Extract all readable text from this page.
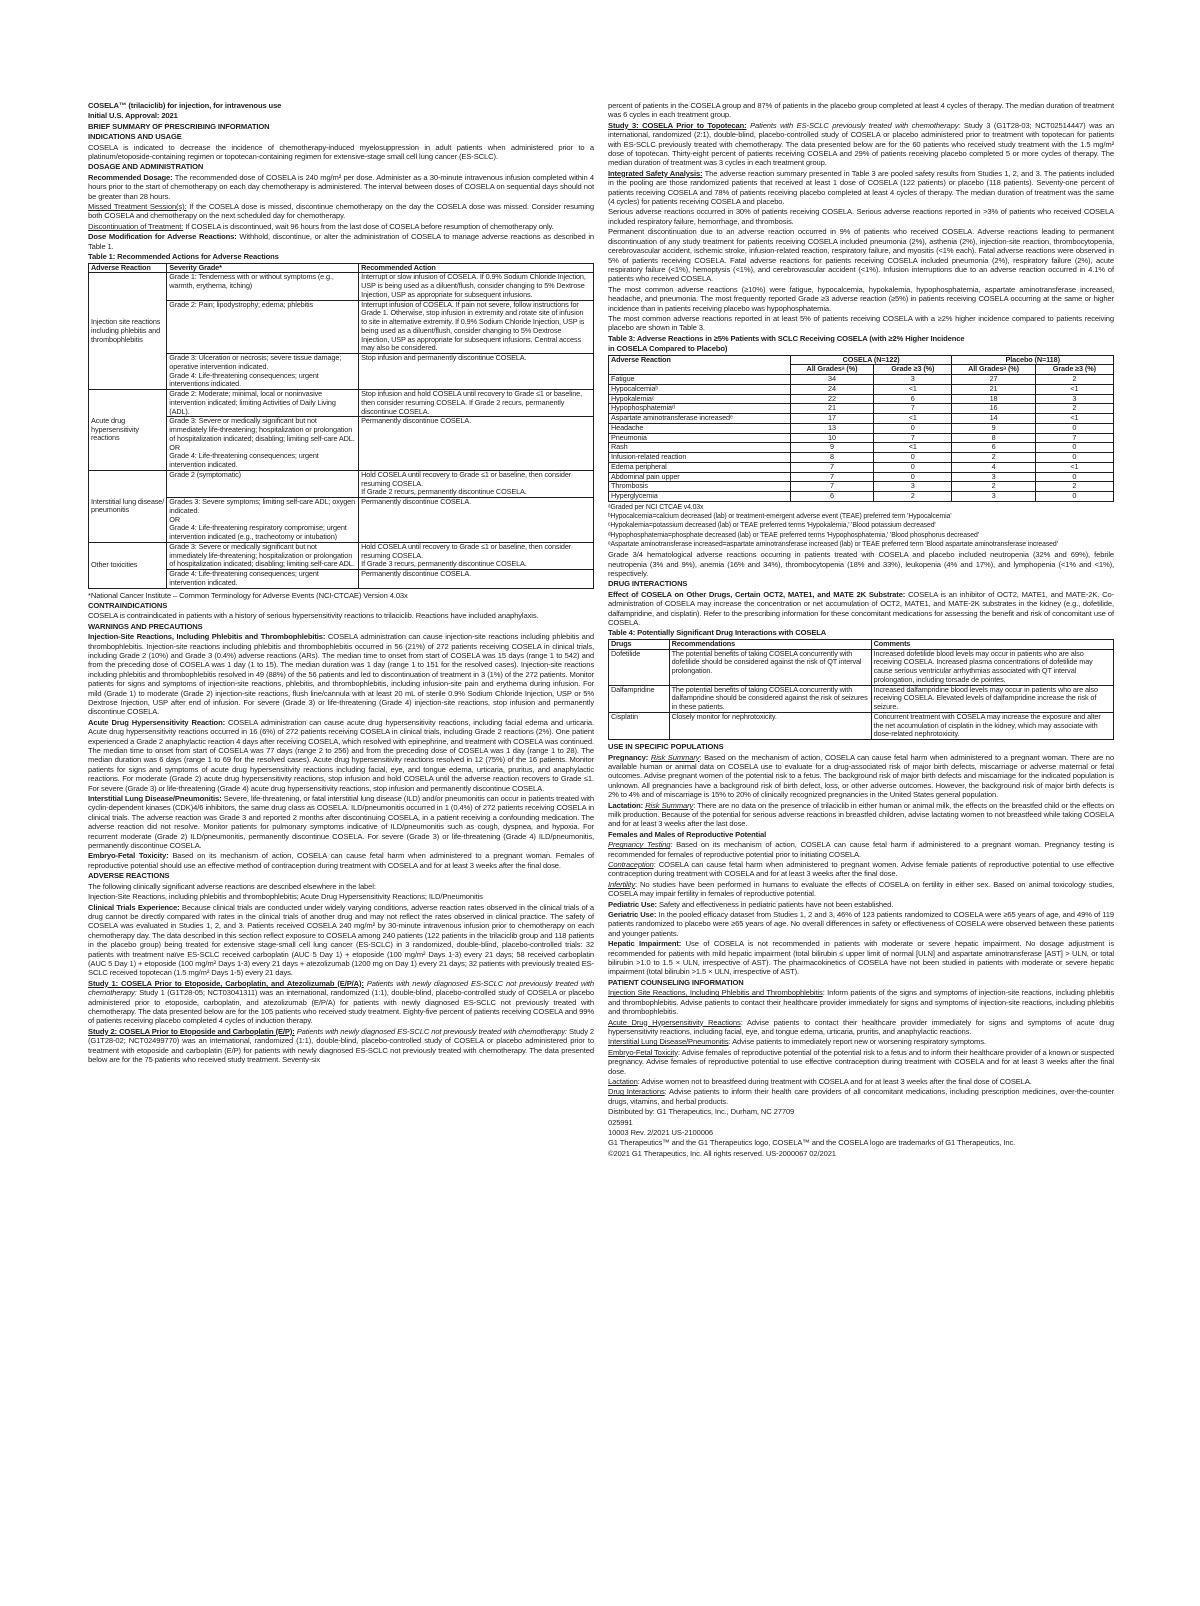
COSELA™ (trilaciclib) for injection, for intravenous use

Initial U.S. Approval: 2021

BRIEF SUMMARY OF PRESCRIBING INFORMATION

INDICATIONS AND USAGE

COSELA is indicated to decrease the incidence of chemotherapy-induced myelosuppression in adult patients when administered prior to a platinum/etoposide-containing regimen or topotecan-containing regimen for extensive-stage small cell lung cancer (ES-SCLC).

DOSAGE AND ADMINISTRATION

Recommended Dosage: The recommended dose of COSELA is 240 mg/m² per dose. Administer as a 30-minute intravenous infusion completed within 4 hours prior to the start of chemotherapy on each day chemotherapy is administered. The interval between doses of COSELA on sequential days should not be greater than 28 hours.

Missed Treatment Session(s): If the COSELA dose is missed, discontinue chemotherapy on the day the COSELA dose was missed. Consider resuming both COSELA and chemotherapy on the next scheduled day for chemotherapy.

Discontinuation of Treatment: If COSELA is discontinued, wait 96 hours from the last dose of COSELA before resumption of chemotherapy only.

Dose Modification for Adverse Reactions: Withhold, discontinue, or alter the administration of COSELA to manage adverse reactions as described in Table 1.

Table 1: Recommended Actions for Adverse Reactions

Adverse Reaction	Severity Grade*	Recommended Action
Injection site reactions including phlebitis and thrombophlebitis	Grade 1: Tenderness with or without symptoms (e.g., warmth, erythema, itching)	Interrupt or slow infusion of COSELA. If 0.9% Sodium Chloride Injection, USP is being used as a diluent/flush, consider changing to 5% Dextrose Injection, USP as appropriate for subsequent infusions.
	Grade 2: Pain; lipodystrophy; edema; phlebitis	Interrupt infusion of COSELA. If pain not severe, follow instructions for Grade 1. Otherwise, stop infusion in extremity and rotate site of infusion to site in alternative extremity. If 0.9% Sodium Chloride Injection, USP is being used as a diluent/flush, consider changing to 5% Dextrose Injection, USP as appropriate for subsequent infusions. Central access may also be considered.

	Grade 3: Ulceration or necrosis; severe tissue damage; operative intervention indicated.
Grade 4: Life-threatening consequences; urgent interventions indicated.	Stop infusion and permanently discontinue COSELA.
Acute drug hypersensitivity reactions	Grade 2: Moderate; minimal, local or noninvasive intervention indicated; limiting Activities of Daily Living (ADL).	Stop infusion and hold COSELA until recovery to Grade ≤1 or baseline, then consider resuming COSELA. If Grade 2 recurs, permanently discontinue COSELA.

	Grade 3: Severe or medically significant but not immediately life-threatening; hospitalization or prolongation of hospitalization indicated; disabling; limiting self-care ADL.
OR
Grade 4: Life-threatening consequences; urgent intervention indicated.	Permanently discontinue COSELA.
Interstitial lung disease/ pneumonitis	Grade 2 (symptomatic)	Hold COSELA until recovery to Grade ≤1 or baseline, then consider resuming COSELA.
If Grade 2 recurs, permanently discontinue COSELA.

	Grades 3: Severe symptoms; limiting self-care ADL; oxygen indicated.
OR
Grade 4: Life-threatening respiratory compromise; urgent intervention indicated (e.g., tracheotomy or intubation)	Permanently discontinue COSELA.
Other toxicities	Grade 3: Severe or medically significant but not immediately life-threatening; hospitalization or prolongation of hospitalization indicated; disabling; limiting self-care ADL.	Hold COSELA until recovery to Grade ≤1 or baseline, then consider resuming COSELA.
If Grade 3 recurs, permanently discontinue COSELA.

	Grade 4: Life-threatening consequences; urgent intervention indicated.	Permanently discontinue COSELA.

*National Cancer Institute – Common Terminology for Adverse Events (NCI-CTCAE) Version 4.03x

CONTRAINDICATIONS

COSELA is contraindicated in patients with a history of serious hypersensitivity reactions to trilaciclib. Reactions have included anaphylaxis.

WARNINGS AND PRECAUTIONS

Injection-Site Reactions, Including Phlebitis and Thrombophlebitis: COSELA administration can cause injection-site reactions including phlebitis and thrombophlebitis. Injection-site reactions including phlebitis and thrombophlebitis occurred in 56 (21%) of 272 patients receiving COSELA in clinical trials, including Grade 2 (10%) and Grade 3 (0.4%) adverse reactions (ARs). The median time to onset from start of COSELA was 15 days (range 1 to 542) and from the preceding dose of COSELA was 1 day (1 to 15). The median duration was 1 day (range 1 to 151 for the resolved cases). Injection-site reactions including phlebitis and thrombophlebitis resolved in 49 (88%) of the 56 patients and led to discontinuation of treatment in 3 (1%) of the 272 patients. Monitor patients for signs and symptoms of injection-site reactions, phlebitis, and thrombophlebitis, including infusion-site pain and erythema during infusion. For mild (Grade 1) to moderate (Grade 2) injection-site reactions, flush line/cannula with at least 20 mL of sterile 0.9% Sodium Chloride Injection, USP or 5% Dextrose Injection, USP after end of infusion. For severe (Grade 3) or life-threatening (Grade 4) injection-site reactions, stop infusion and permanently discontinue COSELA.

Acute Drug Hypersensitivity Reaction: COSELA administration can cause acute drug hypersensitivity reactions, including facial edema and urticaria. Acute drug hypersensitivity reactions occurred in 16 (6%) of 272 patients receiving COSELA in clinical trials, including Grade 2 reactions (2%). One patient experienced a Grade 2 anaphylactic reaction 4 days after receiving COSELA, which resolved with epinephrine, and treatment with COSELA was continued. The median time to onset from start of COSELA was 77 days (range 2 to 256) and from the preceding dose of COSELA was 1 day (range 1 to 28). The median duration was 6 days (range 1 to 69 for the resolved cases). Acute drug hypersensitivity reactions resolved in 12 (75%) of the 16 patients. Monitor patients for signs and symptoms of acute drug hypersensitivity reactions including facial, eye, and tongue edema, urticaria, pruritus, and anaphylactic reactions. For moderate (Grade 2) acute drug hypersensitivity reactions, stop infusion and hold COSELA until the adverse reaction recovers to Grade ≤1. For severe (Grade 3) or life-threatening (Grade 4) acute drug hypersensitivity reactions, stop infusion and permanently discontinue COSELA.

Interstitial Lung Disease/Pneumonitis: Severe, life-threatening, or fatal interstitial lung disease (ILD) and/or pneumonitis can occur in patients treated with cyclin-dependent kinases (CDK)4/6 inhibitors, the same drug class as COSELA. ILD/pneumonitis occurred in 1 (0.4%) of 272 patients receiving COSELA in clinical trials. The adverse reaction was Grade 3 and reported 2 months after discontinuing COSELA, in a patient receiving a confounding medication. The adverse reaction did not resolve. Monitor patients for pulmonary symptoms indicative of ILD/pneumonitis such as cough, dyspnea, and hypoxia. For recurrent moderate (Grade 2) ILD/pneumonitis, permanently discontinue COSELA. For severe (Grade 3) or life-threatening (Grade 4) ILD/pneumonitis, permanently discontinue COSELA.

Embryo-Fetal Toxicity: Based on its mechanism of action, COSELA can cause fetal harm when administered to a pregnant woman. Females of reproductive potential should use an effective method of contraception during treatment with COSELA and for at least 3 weeks after the final dose.

ADVERSE REACTIONS

The following clinically significant adverse reactions are described elsewhere in the label:

Injection-Site Reactions, including phlebitis and thrombophlebitis; Acute Drug Hypersensitivity Reactions; ILD/Pneumonitis

Clinical Trials Experience: Because clinical trials are conducted under widely varying conditions, adverse reaction rates observed in the clinical trials of a drug cannot be directly compared with rates in the clinical trials of another drug and may not reflect the rates observed in clinical practice. The safety of COSELA was evaluated in Studies 1, 2, and 3. Patients received COSELA 240 mg/m² by 30-minute intravenous infusion prior to chemotherapy on each chemotherapy day. The data described in this section reflect exposure to COSELA among 240 patients (122 patients in the trilaciclib group and 118 patients in the placebo group) being treated for extensive stage-small cell lung cancer (ES-SCLC) in 3 randomized, double-blind, placebo-controlled trials: 32 patients with treatment naïve ES-SCLC received carboplatin (AUC 5 Day 1) + etoposide (100 mg/m² Days 1-3) every 21 days; 58 received carboplatin (AUC 5 Day 1) + etoposide (100 mg/m² Days 1-3) every 21 days + atezolizumab (1200 mg on Day 1) every 21 days; 32 patients with previously treated ES-SCLC received topotecan (1.5 mg/m² Days 1-5) every 21 days.

Study 1: COSELA Prior to Etoposide, Carboplatin, and Atezolizumab (E/P/A): Patients with newly diagnosed ES-SCLC not previously treated with chemotherapy: Study 1 (G1T28-05; NCT03041311) was an international, randomized (1:1), double-blind, placebo-controlled study of COSELA or placebo administered prior to etoposide, carboplatin, and atezolizumab (E/P/A) for patients with newly diagnosed ES-SCLC not previously treated with chemotherapy. The data presented below are for the 105 patients who received study treatment. Eighty-five percent of patients receiving COSELA and 99% of patients receiving placebo completed 4 cycles of induction therapy.

Study 2: COSELA Prior to Etoposide and Carboplatin (E/P): Patients with newly diagnosed ES-SCLC not previously treated with chemotherapy: Study 2 (G1T28-02; NCT02499770) was an international, randomized (1:1), double-blind, placebo-controlled study of COSELA or placebo administered prior to treatment with etoposide and carboplatin (E/P) for patients with newly diagnosed ES-SCLC not previously treated with chemotherapy. The data presented below are for the 75 patients who received study treatment. Seventy-six

percent of patients in the COSELA group and 87% of patients in the placebo group completed at least 4 cycles of therapy. The median duration of treatment was 6 cycles in each treatment group.

Study 3: COSELA Prior to Topotecan: Patients with ES-SCLC previously treated with chemotherapy: Study 3 (G1T28-03; NCT02514447) was an international, randomized (2:1), double-blind, placebo-controlled study of COSELA or placebo administered prior to treatment with topotecan for patients with ES-SCLC previously treated with chemotherapy. The data presented below are for the 60 patients who received study treatment with the 1.5 mg/m² dose of topotecan. Thirty-eight percent of patients receiving COSELA and 29% of patients receiving placebo completed 5 or more cycles of therapy. The median duration of treatment was 3 cycles in each treatment group.

Integrated Safety Analysis: The adverse reaction summary presented in Table 3 are pooled safety results from Studies 1, 2, and 3. The patients included in the pooling are those randomized patients that received at least 1 dose of COSELA (122 patients) or placebo (118 patients). Seventy-one percent of patients receiving COSELA and 78% of patients receiving placebo completed at least 4 cycles of therapy. The median duration of treatment was the same (4 cycles) for patients receiving COSELA and placebo.

Serious adverse reactions occurred in 30% of patients receiving COSELA. Serious adverse reactions reported in >3% of patients who received COSELA included respiratory failure, hemorrhage, and thrombosis.

Permanent discontinuation due to an adverse reaction occurred in 9% of patients who received COSELA. Adverse reactions leading to permanent discontinuation of any study treatment for patients receiving COSELA included pneumonia (2%), asthenia (2%), injection-site reaction, thrombocytopenia, cerebrovascular accident, ischemic stroke, infusion-related reaction, respiratory failure, and myositis (<1% each). Fatal adverse reactions were observed in 5% of patients receiving COSELA. Fatal adverse reactions for patients receiving COSELA included pneumonia (2%), respiratory failure (2%), acute respiratory failure (<1%), hemoptysis (<1%), and cerebrovascular accident (<1%). Infusion interruptions due to an adverse reaction occurred in 4.1% of patients who received COSELA.

The most common adverse reactions (≥10%) were fatigue, hypocalcemia, hypokalemia, hypophosphatemia, aspartate aminotransferase increased, headache, and pneumonia. The most frequently reported Grade ≥3 adverse reaction (≥5%) in patients receiving COSELA occurring at the same or higher incidence than in patients receiving placebo was hypophosphatemia.

The most common adverse reactions reported in at least 5% of patients receiving COSELA with a ≥2% higher incidence compared to patients receiving placebo are shown in Table 3.

Table 3: Adverse Reactions in ≥5% Patients with SCLC Receiving COSELA (with ≥2% Higher Incidence

in COSELA Compared to Placebo)

Adverse Reaction	COSELA (N=122)		Placebo (N=118)	
	All Gradesᵃ (%)	Grade ≥3 (%)	All Gradesᵃ (%)	Grade ≥3 (%)
Fatigue	34	3	27	2
Hypocalcemiaᵇ	24	<1	21	<1
Hypokalemiaᶜ	22	6	18	3
Hypophosphatemiaᵈ	21	7	16	2
Aspartate aminotransferase increasedᵉ	17	<1	14	<1
Headache	13	0	9	0
Pneumonia	10	7	8	7
Rash	9	<1	6	0
Infusion-related reaction	8	0	2	0
Edema peripheral	7	0	4	<1
Abdominal pain upper	7	0	3	0
Thrombosis	7	3	2	2
Hyperglycemia	6	2	3	0

ᵃGraded per NCI CTCAE v4.03x

ᵇHypocalcemia=calcium decreased (lab) or treatment-emergent adverse event (TEAE) preferred term 'Hypocalcemia'

ᶜHypokalemia=potassium decreased (lab) or TEAE preferred terms 'Hypokalemia,' 'Blood potassium decreased'

ᵈHypophosphatemia=phosphate decreased (lab) or TEAE preferred terms 'Hypophosphatemia,' 'Blood phosphorus decreased'

ᵉAspartate aminotransferase increased=aspartate aminotransferase increased (lab) or TEAE preferred term 'Blood aspartate aminotransferase increased'

Grade 3/4 hematological adverse reactions occurring in patients treated with COSELA and placebo included neutropenia (32% and 69%), febrile neutropenia (3% and 9%), anemia (16% and 34%), thrombocytopenia (18% and 33%), leukopenia (4% and 17%), and lymphopenia (<1% and <1%), respectively.

DRUG INTERACTIONS

Effect of COSELA on Other Drugs, Certain OCT2, MATE1, and MATE 2K Substrate: COSELA is an inhibitor of OCT2, MATE1, and MATE-2K. Co-administration of COSELA may increase the concentration or net accumulation of OCT2, MATE1, and MATE-2K substrates in the kidney (e.g., dofetilide, dalfampridine, and cisplatin). Refer to the prescribing information for these concomitant medications for assessing the benefit and risk of concomitant use of COSELA.

Table 4: Potentially Significant Drug Interactions with COSELA

Drugs	Recommendations	Comments
Dofetilide	The potential benefits of taking COSELA concurrently with dofetilide should be considered against the risk of QT interval prolongation.	Increased dofetilide blood levels may occur in patients who are also receiving COSELA. Increased plasma concentrations of dofetilide may cause serious ventricular arrhythmias associated with QT interval prolongation, including torsade de pointes.
Dalfampridine	The potential benefits of taking COSELA concurrently with dalfampridine should be considered against the risk of seizures in these patients.	Increased dalfampridine blood levels may occur in patients who are also receiving COSELA. Elevated levels of dalfampridine increase the risk of seizure.
Cisplatin	Closely monitor for nephrotoxicity.	Concurrent treatment with COSELA may increase the exposure and alter the net accumulation of cisplatin in the kidney, which may associate with dose-related nephrotoxicity.

USE IN SPECIFIC POPULATIONS

Pregnancy: Risk Summary: Based on the mechanism of action, COSELA can cause fetal harm when administered to a pregnant woman. There are no available human or animal data on COSELA use to evaluate for a drug-associated risk of major birth defects, miscarriage or adverse maternal or fetal outcomes. Advise pregnant women of the potential risk to a fetus. The background risk of major birth defects and miscarriage for the indicated population is unknown. All pregnancies have a background risk of birth defect, loss, or other adverse outcomes. However, the background risk of major birth defects is 2% to 4% and of miscarriage is 15% to 20% of clinically recognized pregnancies in the United States general population.

Lactation: Risk Summary: There are no data on the presence of trilaciclib in either human or animal milk, the effects on the breastfed child or the effects on milk production. Because of the potential for serious adverse reactions in breastfed children, advise lactating women to not breastfeed while taking COSELA and for at least 3 weeks after the last dose.

Females and Males of Reproductive Potential

Pregnancy Testing: Based on its mechanism of action, COSELA can cause fetal harm if administered to a pregnant woman. Pregnancy testing is recommended for females of reproductive potential prior to initiating COSELA.

Contraception: COSELA can cause fetal harm when administered to pregnant women. Advise female patients of reproductive potential to use effective contraception during treatment with COSELA and for at least 3 weeks after the final dose.

Infertility: No studies have been performed in humans to evaluate the effects of COSELA on fertility in either sex. Based on animal toxicology studies, COSELA may impair fertility in females of reproductive potential.

Pediatric Use: Safety and effectiveness in pediatric patients have not been established.

Geriatric Use: In the pooled efficacy dataset from Studies 1, 2 and 3, 46% of 123 patients randomized to COSELA were ≥65 years of age, and 49% of 119 patients randomized to placebo were ≥65 years of age. No overall differences in safety or effectiveness of COSELA were observed between these patients and younger patients.

Hepatic Impairment: Use of COSELA is not recommended in patients with moderate or severe hepatic impairment. No dosage adjustment is recommended for patients with mild hepatic impairment (total bilirubin ≤ upper limit of normal [ULN] and aspartate aminotransferase [AST] > ULN, or total bilirubin >1.0 to 1.5 × ULN, irrespective of AST). The pharmacokinetics of COSELA have not been studied in patients with moderate or severe hepatic impairment (total bilirubin >1.5 × ULN, irrespective of AST).

PATIENT COUNSELING INFORMATION

Injection Site Reactions, Including Phlebitis and Thrombophlebitis: Inform patients of the signs and symptoms of injection-site reactions, including phlebitis and thrombophlebitis. Advise patients to contact their healthcare provider immediately for signs and symptoms of injection-site reactions, including phlebitis and thrombophlebitis.

Acute Drug Hypersensitivity Reactions: Advise patients to contact their healthcare provider immediately for signs and symptoms of acute drug hypersensitivity reactions, including facial, eye, and tongue edema, urticaria, pruritis, and anaphylactic reactions.

Interstitial Lung Disease/Pneumonitis: Advise patients to immediately report new or worsening respiratory symptoms.

Embryo-Fetal Toxicity: Advise females of reproductive potential of the potential risk to a fetus and to inform their healthcare provider of a known or suspected pregnancy. Advise females of reproductive potential to use effective contraception during treatment with COSELA and for at least 3 weeks after the final dose.

Lactation: Advise women not to breastfeed during treatment with COSELA and for at least 3 weeks after the final dose of COSELA.

Drug Interactions: Advise patients to inform their health care providers of all concomitant medications, including prescription medicines, over-the-counter drugs, vitamins, and herbal products.

Distributed by: G1 Therapeutics, Inc., Durham, NC 27709

025991

10003 Rev. 2/2021 US-2100006

G1 Therapeutics™ and the G1 Therapeutics logo, COSELA™ and the COSELA logo are trademarks of G1 Therapeutics, Inc.

©2021 G1 Therapeutics, Inc. All rights reserved. US-2000067 02/2021
